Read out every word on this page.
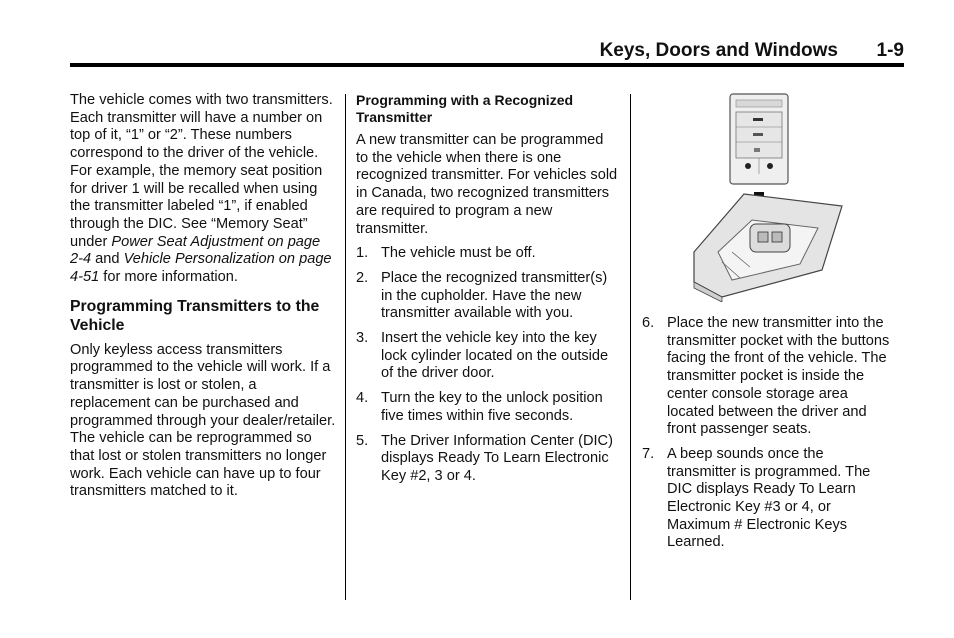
Keys, Doors and Windows 1-9

The vehicle comes with two transmitters. Each transmitter will have a number on top of it, “1” or “2”. These numbers correspond to the driver of the vehicle. For example, the memory seat position for driver 1 will be recalled when using the transmitter labeled “1”, if enabled through the DIC. See “Memory Seat” under Power Seat Adjustment on page 2-4 and Vehicle Personalization on page 4-51 for more information.

Programming Transmitters to the Vehicle

Only keyless access transmitters programmed to the vehicle will work. If a transmitter is lost or stolen, a replacement can be purchased and programmed through your dealer/retailer. The vehicle can be reprogrammed so that lost or stolen transmitters no longer work. Each vehicle can have up to four transmitters matched to it.

Programming with a Recognized Transmitter

A new transmitter can be programmed to the vehicle when there is one recognized transmitter. For vehicles sold in Canada, two recognized transmitters are required to program a new transmitter.

1. The vehicle must be off.
2. Place the recognized transmitter(s) in the cupholder. Have the new transmitter available with you.
3. Insert the vehicle key into the key lock cylinder located on the outside of the driver door.
4. Turn the key to the unlock position five times within five seconds.
5. The Driver Information Center (DIC) displays Ready To Learn Electronic Key #2, 3 or 4.
6. Place the new transmitter into the transmitter pocket with the buttons facing the front of the vehicle. The transmitter pocket is inside the center console storage area located between the driver and front passenger seats.
7. A beep sounds once the transmitter is programmed. The DIC displays Ready To Learn Electronic Key #3 or 4, or Maximum # Electronic Keys Learned.
